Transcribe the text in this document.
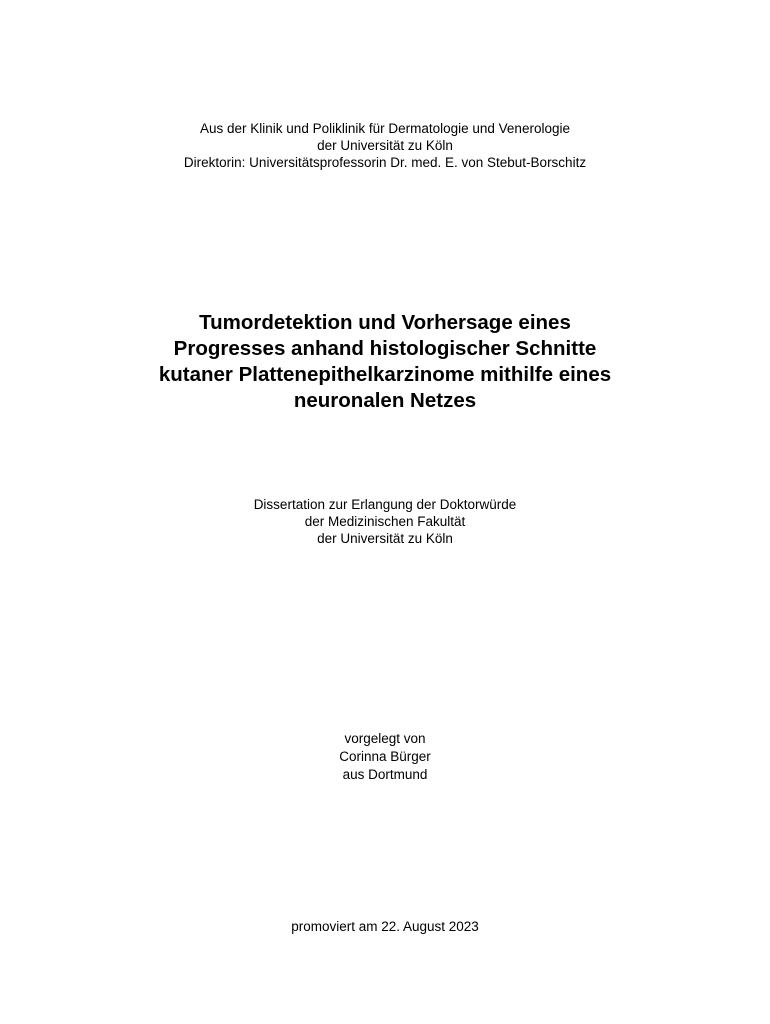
Aus der Klinik und Poliklinik für Dermatologie und Venerologie
der Universität zu Köln
Direktorin: Universitätsprofessorin Dr. med. E. von Stebut-Borschitz
Tumordetektion und Vorhersage eines
Progresses anhand histologischer Schnitte
kutaner Plattenepithelkarzinome mithilfe eines
neuronalen Netzes
Dissertation zur Erlangung der Doktorwürde
der Medizinischen Fakultät
der Universität zu Köln
vorgelegt von
Corinna Bürger
aus Dortmund
promoviert am 22. August 2023
